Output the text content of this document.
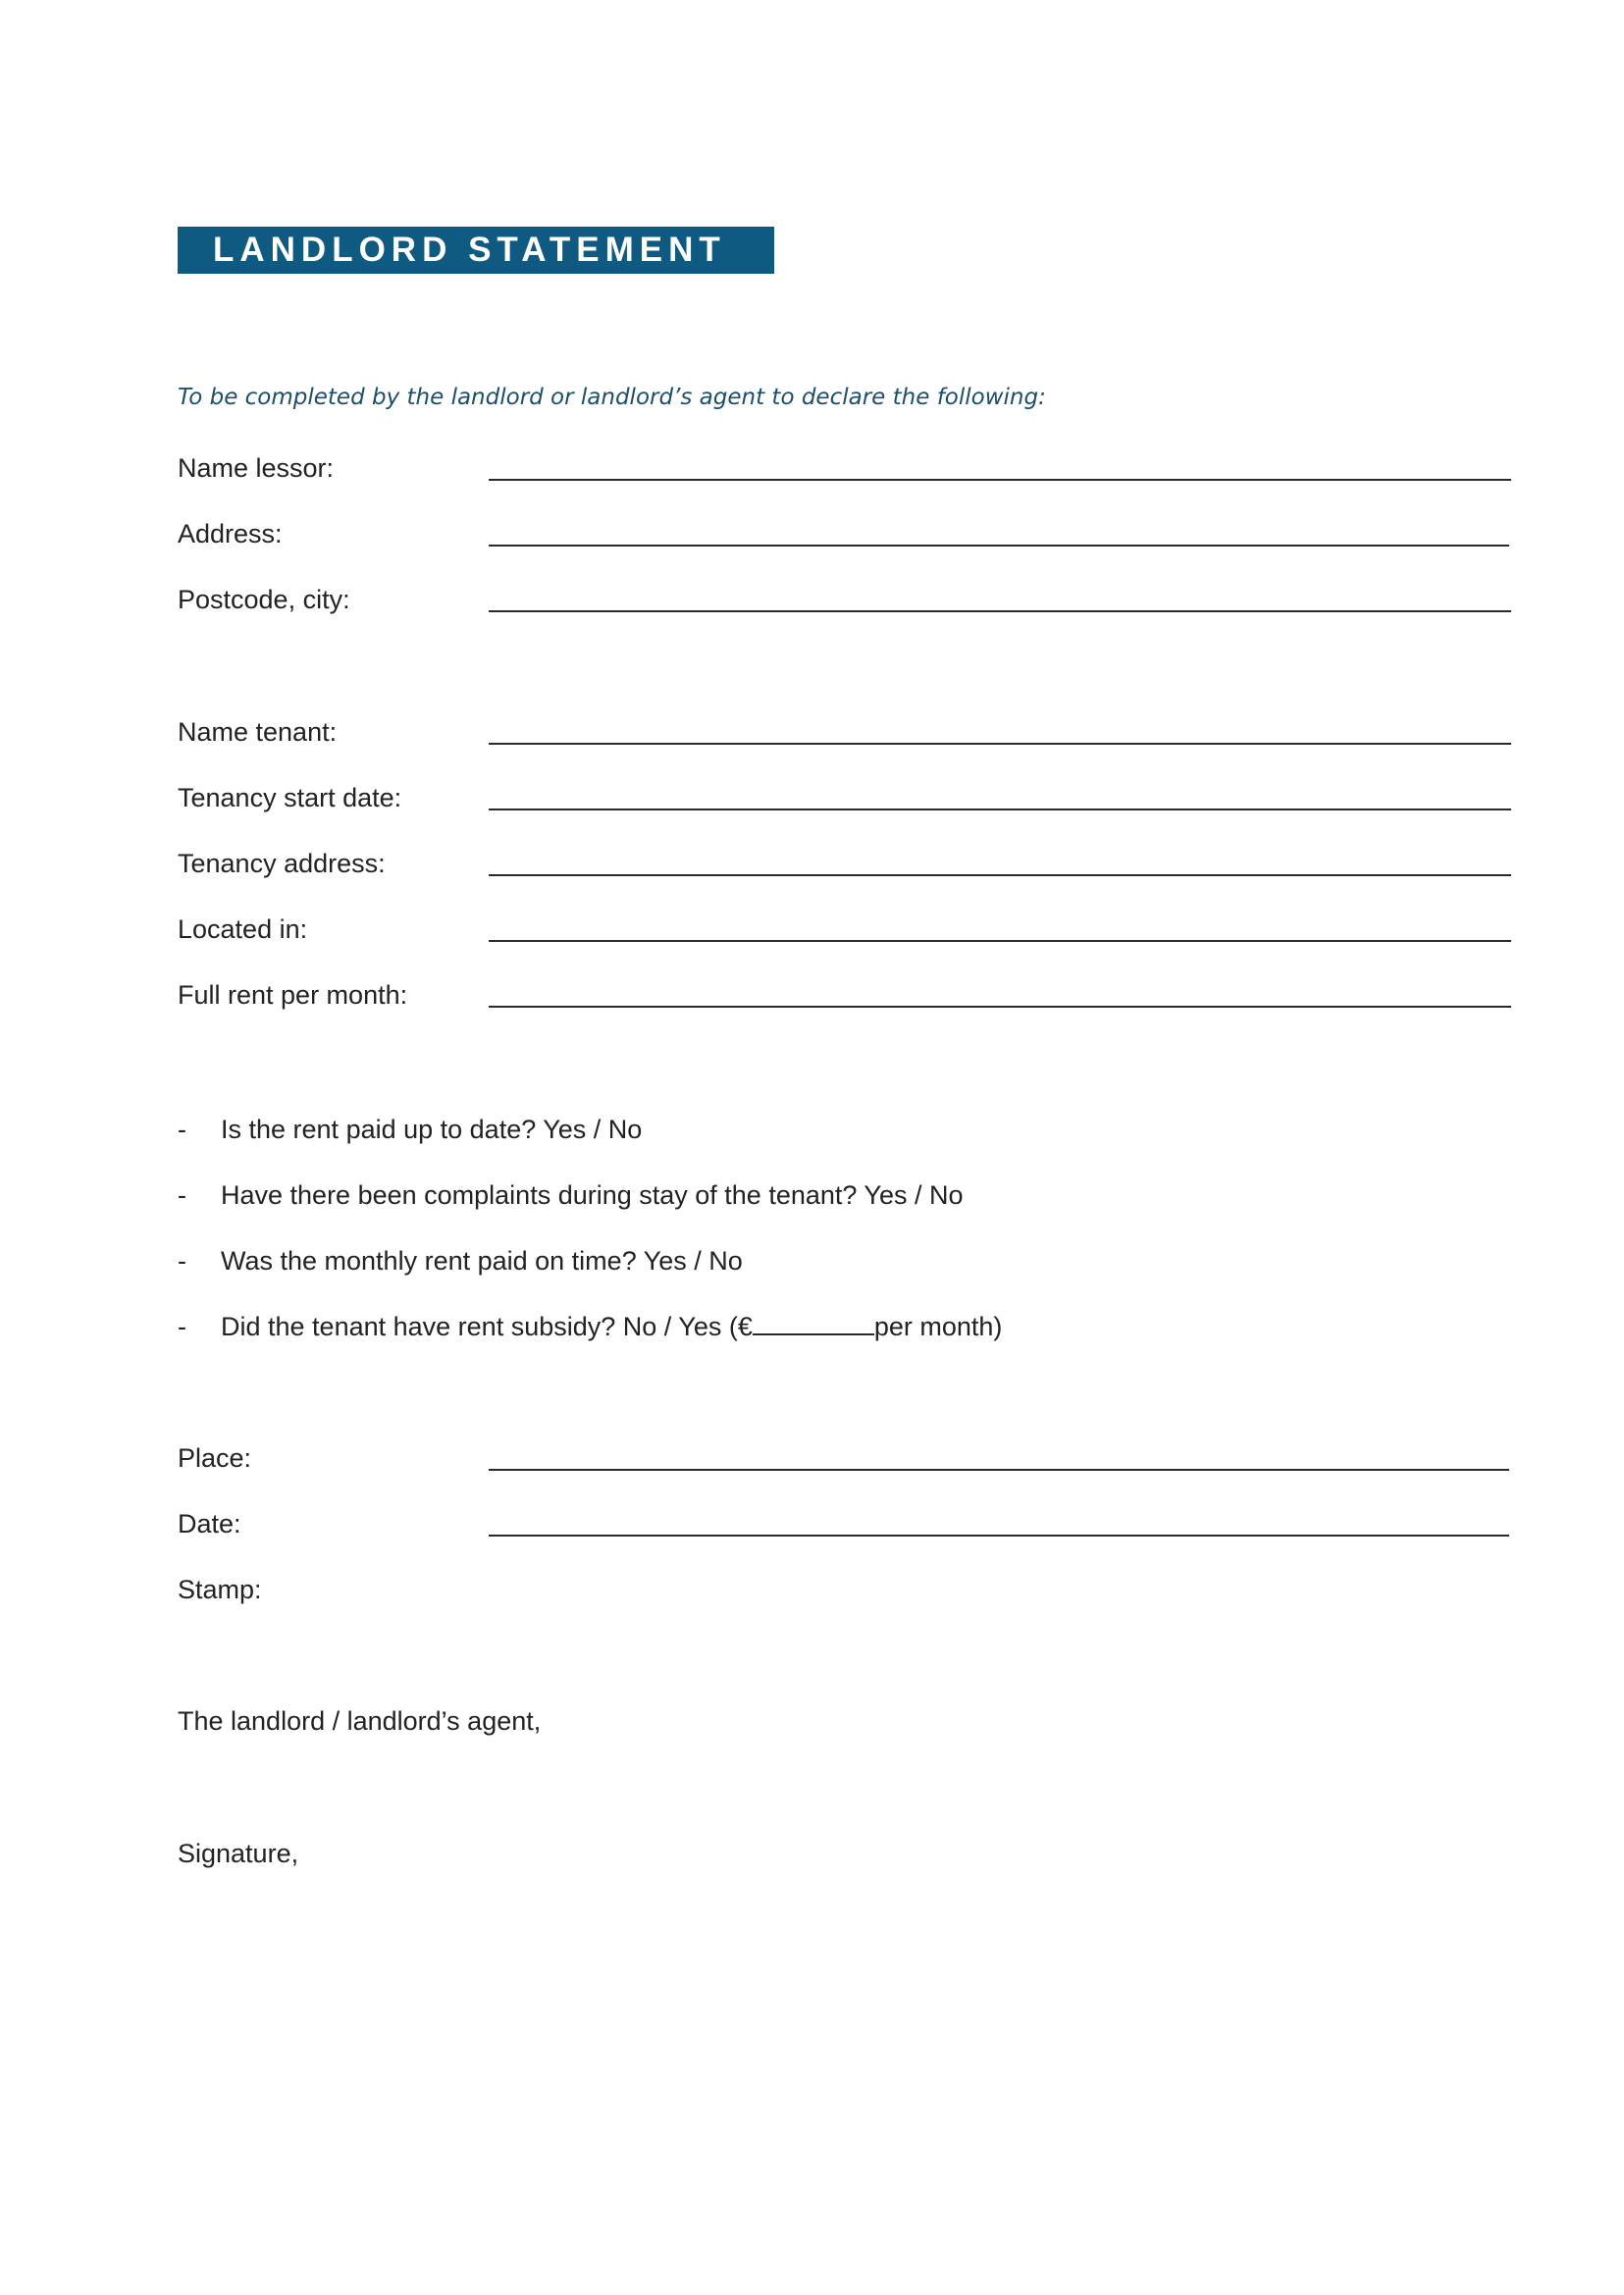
LANDLORD STATEMENT
To be completed by the landlord or landlord’s agent to declare the following:
Name lessor:
Address:
Postcode, city:
Name tenant:
Tenancy start date:
Tenancy address:
Located in:
Full rent per month:
- Is the rent paid up to date? Yes / No
- Have there been complaints during stay of the tenant? Yes / No
- Was the monthly rent paid on time? Yes / No
- Did the tenant have rent subsidy? No / Yes (€	per month)
Place:
Date:
Stamp:
The landlord / landlord’s agent,
Signature,
